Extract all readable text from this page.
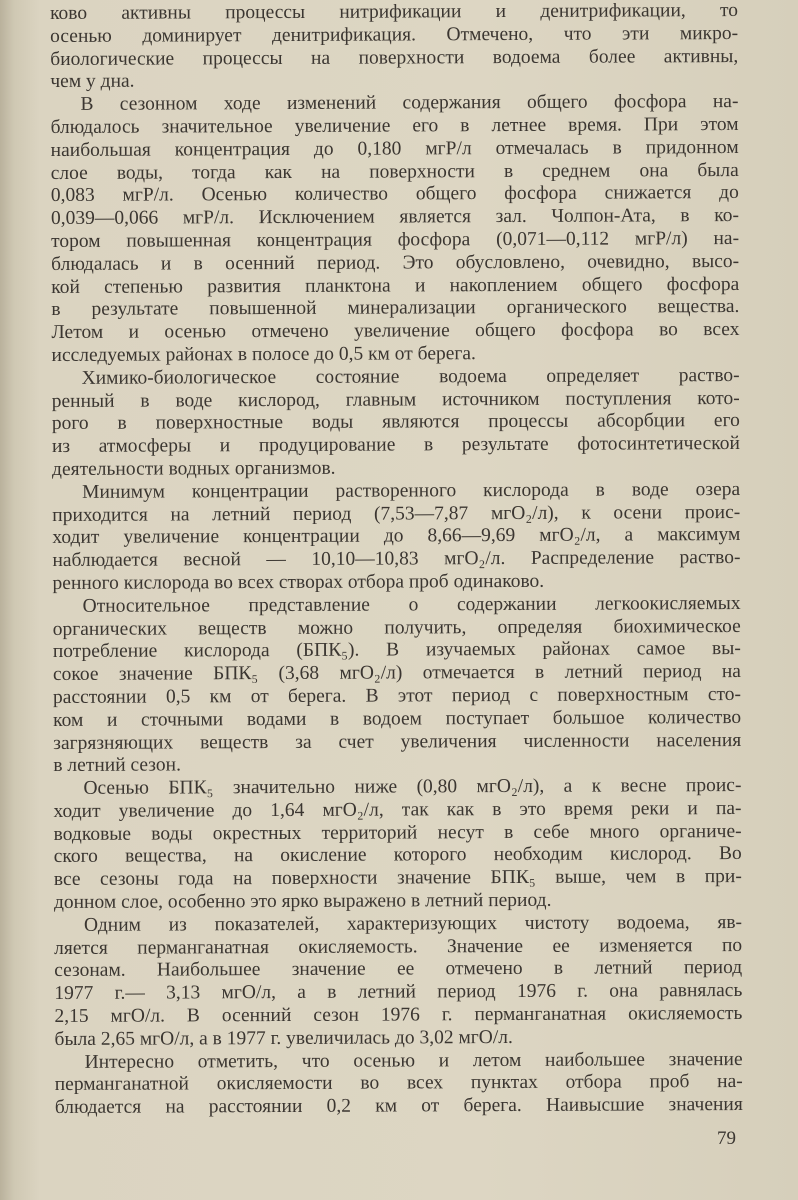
ково активны процессы нитрификации и денитрификации, то
осенью доминирует денитрификация. Отмечено, что эти микро-
биологические процессы на поверхности водоема более активны,
чем у дна.
В сезонном ходе изменений содержания общего фосфора на-
блюдалось значительное увеличение его в летнее время. При этом
наибольшая концентрация до 0,180 мгР/л отмечалась в придонном
слое воды, тогда как на поверхности в среднем она была
0,083 мгР/л. Осенью количество общего фосфора снижается до
0,039—0,066 мгР/л. Исключением является зал. Чолпон-Ата, в ко-
тором повышенная концентрация фосфора (0,071—0,112 мгР/л) на-
блюдалась и в осенний период. Это обусловлено, очевидно, высо-
кой степенью развития планктона и накоплением общего фосфора
в результате повышенной минерализации органического вещества.
Летом и осенью отмечено увеличение общего фосфора во всех
исследуемых районах в полосе до 0,5 км от берега.
Химико-биологическое состояние водоема определяет раство-
ренный в воде кислород, главным источником поступления кото-
рого в поверхностные воды являются процессы абсорбции его
из атмосферы и продуцирование в результате фотосинтетической
деятельности водных организмов.
Минимум концентрации растворенного кислорода в воде озера
приходится на летний период (7,53—7,87 мгO₂/л), к осени проис-
ходит увеличение концентрации до 8,66—9,69 мгO₂/л, а максимум
наблюдается весной — 10,10—10,83 мгO₂/л. Распределение раство-
ренного кислорода во всех створах отбора проб одинаково.
Относительное представление о содержании легкоокисляемых
органических веществ можно получить, определяя биохимическое
потребление кислорода (БПК₅). В изучаемых районах самое вы-
сокое значение БПК₅ (3,68 мгO₂/л) отмечается в летний период на
расстоянии 0,5 км от берега. В этот период с поверхностным сто-
ком и сточными водами в водоем поступает большое количество
загрязняющих веществ за счет увеличения численности населения
в летний сезон.
Осенью БПК₅ значительно ниже (0,80 мгO₂/л), а к весне проис-
ходит увеличение до 1,64 мгO₂/л, так как в это время реки и па-
водковые воды окрестных территорий несут в себе много органиче-
ского вещества, на окисление которого необходим кислород. Во
все сезоны года на поверхности значение БПК₅ выше, чем в при-
донном слое, особенно это ярко выражено в летний период.
Одним из показателей, характеризующих чистоту водоема, яв-
ляется перманганатная окисляемость. Значение ее изменяется по
сезонам. Наибольшее значение ее отмечено в летний период
1977 г.— 3,13 мгO/л, а в летний период 1976 г. она равнялась
2,15 мгO/л. В осенний сезон 1976 г. перманганатная окисляемость
была 2,65 мгO/л, а в 1977 г. увеличилась до 3,02 мгO/л.
Интересно отметить, что осенью и летом наибольшее значение
перманганатной окисляемости во всех пунктах отбора проб на-
блюдается на расстоянии 0,2 км от берега. Наивысшие значения
79
